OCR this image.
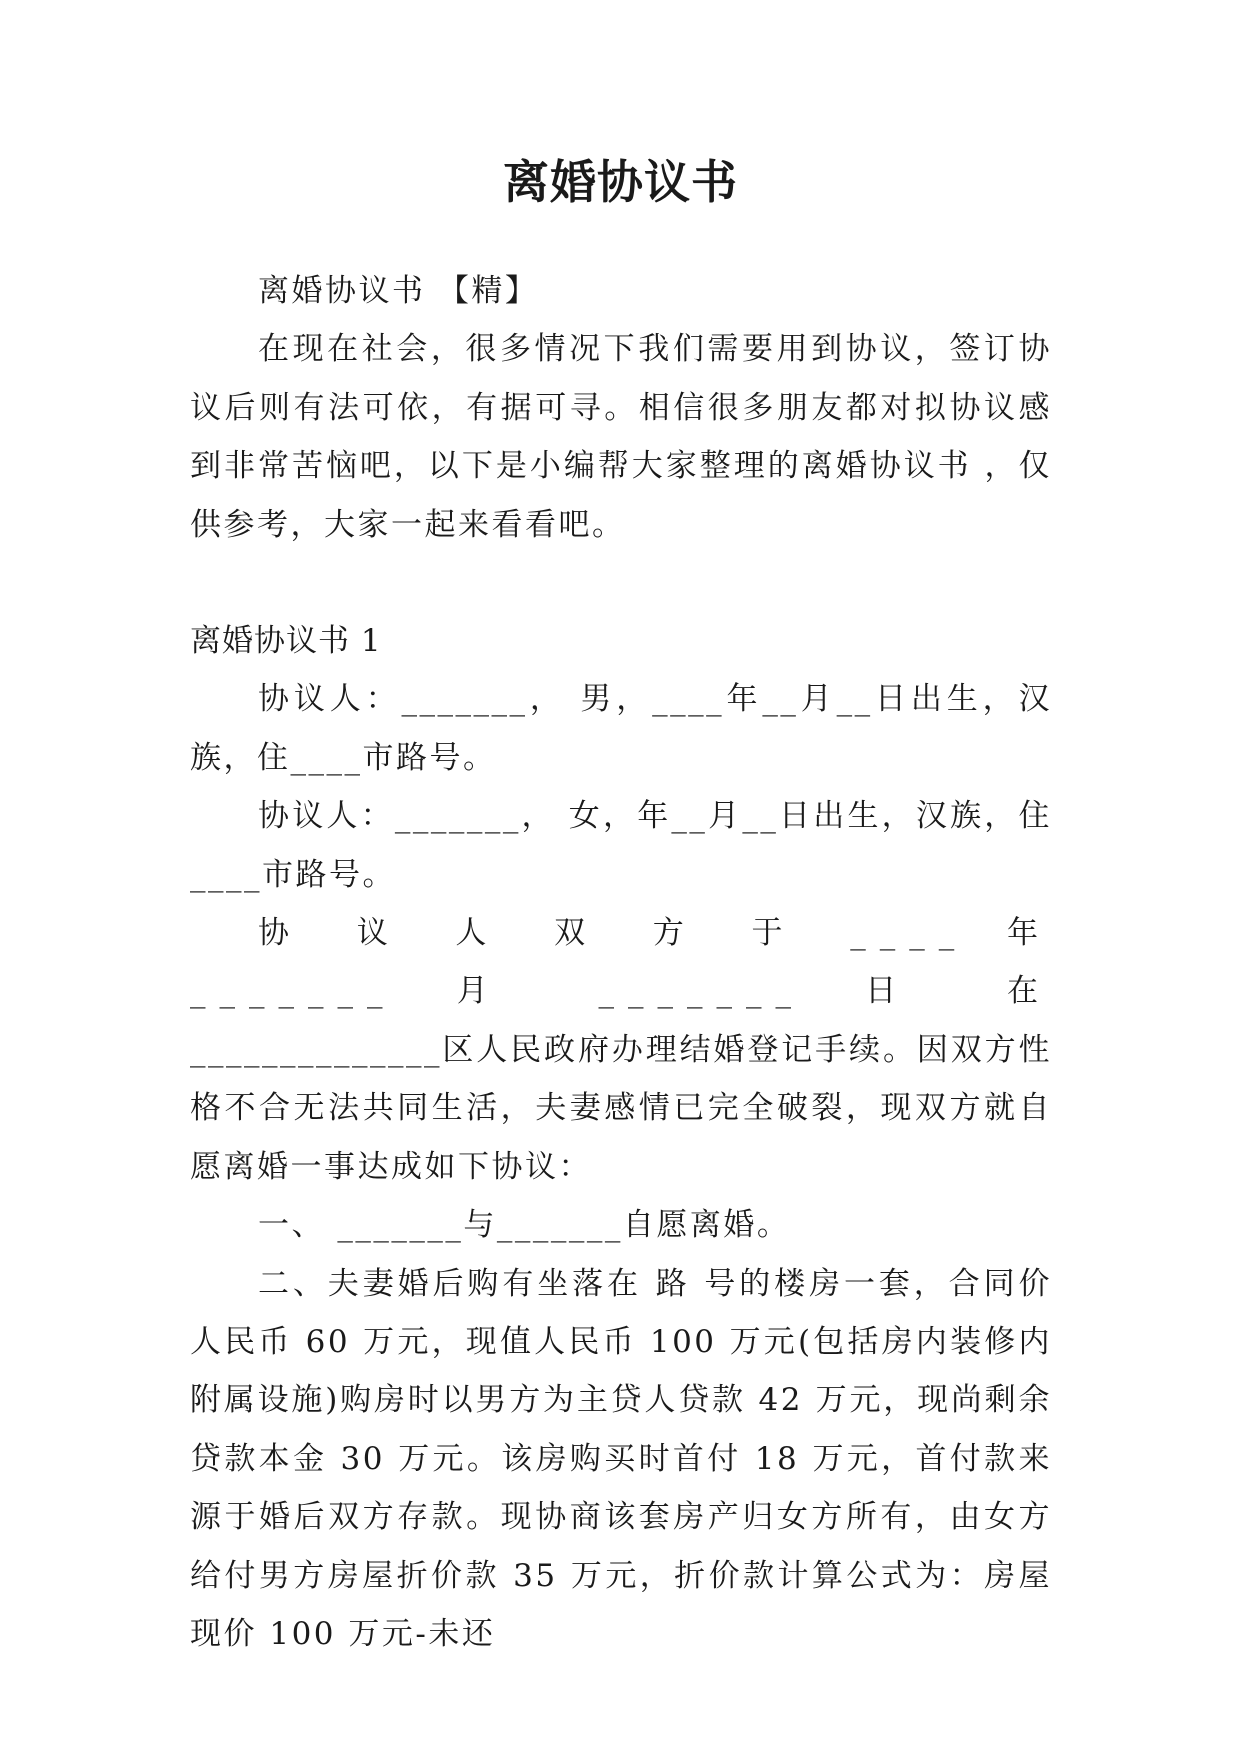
离婚协议书

离婚协议书 【精】

在现在社会，很多情况下我们需要用到协议，签订协议后则有法可依，有据可寻。相信很多朋友都对拟协议感到非常苦恼吧，以下是小编帮大家整理的离婚协议书 ，仅供参考，大家一起来看看吧。

离婚协议书 1

协议人：_______， 男，____年__月__日出生，汉族，住____市路号。

协议人：_______， 女，年__月__日出生，汉族，住____市路号。

协 议 人 双 方 于 ____ 年 _______ 月 _______ 日 在

______________区人民政府办理结婚登记手续。因双方性格不合无法共同生活，夫妻感情已完全破裂，现双方就自愿离婚一事达成如下协议：

一、 _______与_______自愿离婚。

二、夫妻婚后购有坐落在 路 号的楼房一套，合同价人民币 60 万元，现值人民币 100 万元(包括房内装修内附属设施)购房时以男方为主贷人贷款 42 万元，现尚剩余贷款本金 30 万元。该房购买时首付 18 万元，首付款来源于婚后双方存款。现协商该套房产归女方所有，由女方给付男方房屋折价款 35 万元，折价款计算公式为：房屋现价 100 万元-未还
